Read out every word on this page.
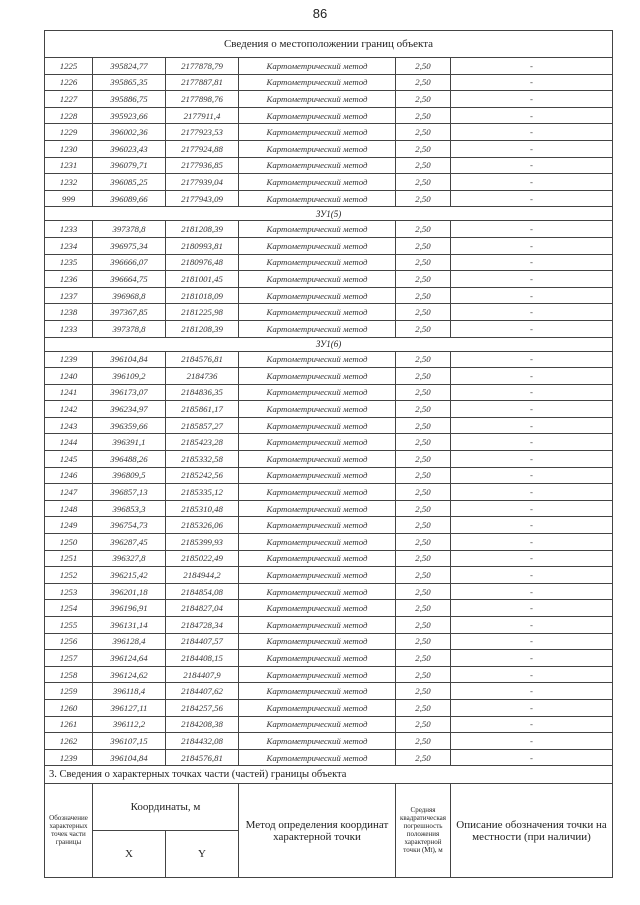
86
Сведения о местоположении границ объекта					
1225	395824,77	2177878,79	Картометрический метод	2,50	-
1226	395865,35	2177887,81	Картометрический метод	2,50	-
1227	395886,75	2177898,76	Картометрический метод	2,50	-
1228	395923,66	2177911,4	Картометрический метод	2,50	-
1229	396002,36	2177923,53	Картометрический метод	2,50	-
1230	396023,43	2177924,88	Картометрический метод	2,50	-
1231	396079,71	2177936,85	Картометрический метод	2,50	-
1232	396085,25	2177939,04	Картометрический метод	2,50	-
999	396089,66	2177943,09	Картометрический метод	2,50	-
ЗУ1(5)					
1233	397378,8	2181208,39	Картометрический метод	2,50	-
1234	396975,34	2180993,81	Картометрический метод	2,50	-
1235	396666,07	2180976,48	Картометрический метод	2,50	-
1236	396664,75	2181001,45	Картометрический метод	2,50	-
1237	396968,8	2181018,09	Картометрический метод	2,50	-
1238	397367,85	2181225,98	Картометрический метод	2,50	-
1233	397378,8	2181208,39	Картометрический метод	2,50	-
ЗУ1(6)					
1239	396104,84	2184576,81	Картометрический метод	2,50	-
1240	396109,2	2184736	Картометрический метод	2,50	-
1241	396173,07	2184836,35	Картометрический метод	2,50	-
1242	396234,97	2185861,17	Картометрический метод	2,50	-
1243	396359,66	2185857,27	Картометрический метод	2,50	-
1244	396391,1	2185423,28	Картометрический метод	2,50	-
1245	396488,26	2185332,58	Картометрический метод	2,50	-
1246	396809,5	2185242,56	Картометрический метод	2,50	-
1247	396857,13	2185335,12	Картометрический метод	2,50	-
1248	396853,3	2185310,48	Картометрический метод	2,50	-
1249	396754,73	2185326,06	Картометрический метод	2,50	-
1250	396287,45	2185399,93	Картометрический метод	2,50	-
1251	396327,8	2185022,49	Картометрический метод	2,50	-
1252	396215,42	2184944,2	Картометрический метод	2,50	-
1253	396201,18	2184854,08	Картометрический метод	2,50	-
1254	396196,91	2184827,04	Картометрический метод	2,50	-
1255	396131,14	2184728,34	Картометрический метод	2,50	-
1256	396128,4	2184407,57	Картометрический метод	2,50	-
1257	396124,64	2184408,15	Картометрический метод	2,50	-
1258	396124,62	2184407,9	Картометрический метод	2,50	-
1259	396118,4	2184407,62	Картометрический метод	2,50	-
1260	396127,11	2184257,56	Картометрический метод	2,50	-
1261	396112,2	2184208,38	Картометрический метод	2,50	-
1262	396107,15	2184432,08	Картометрический метод	2,50	-
1239	396104,84	2184576,81	Картометрический метод	2,50	-
3. Сведения о характерных точках части (частей) границы объекта					
Обозначение характерных точек части границы	Координаты, м		Метод определения координат характерной точки	Средняя квадратическая погрешность положения характерной точки (Mt), м	Описание обозначения точки на местности (при наличии)
	X	Y			
